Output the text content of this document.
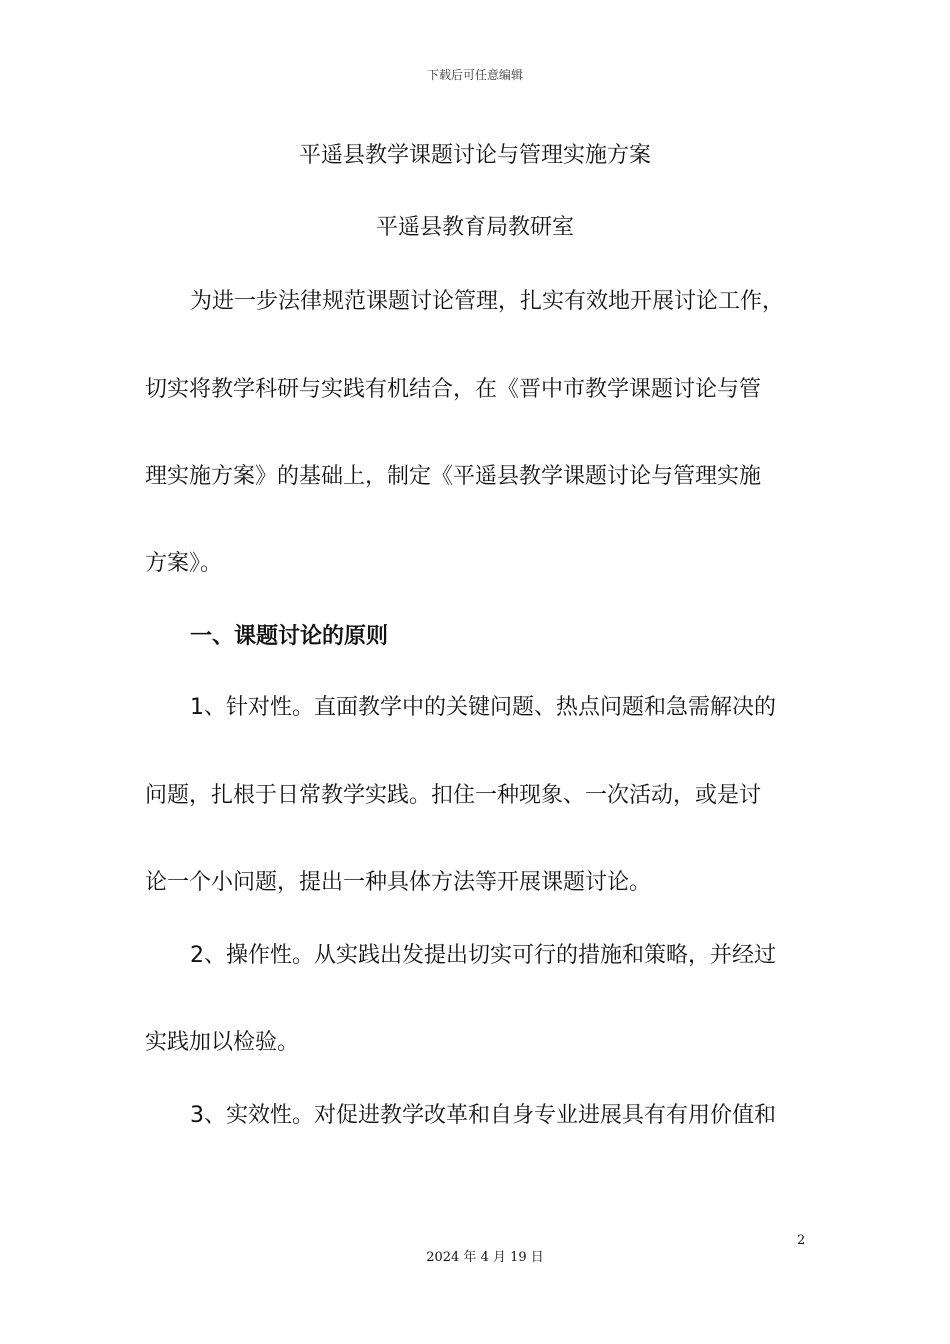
下载后可任意编辑
平遥县教学课题讨论与管理实施方案
平遥县教育局教研室
为进一步法律规范课题讨论管理，扎实有效地开展讨论工作，
切实将教学科研与实践有机结合，在《晋中市教学课题讨论与管
理实施方案》的基础上，制定《平遥县教学课题讨论与管理实施
方案》。
一、课题讨论的原则
1、针对性。直面教学中的关键问题、热点问题和急需解决的
问题，扎根于日常教学实践。扣住一种现象、一次活动，或是讨
论一个小问题，提出一种具体方法等开展课题讨论。
2、操作性。从实践出发提出切实可行的措施和策略，并经过
实践加以检验。
3、实效性。对促进教学改革和自身专业进展具有有用价值和
2
2024 年 4 月 19 日
